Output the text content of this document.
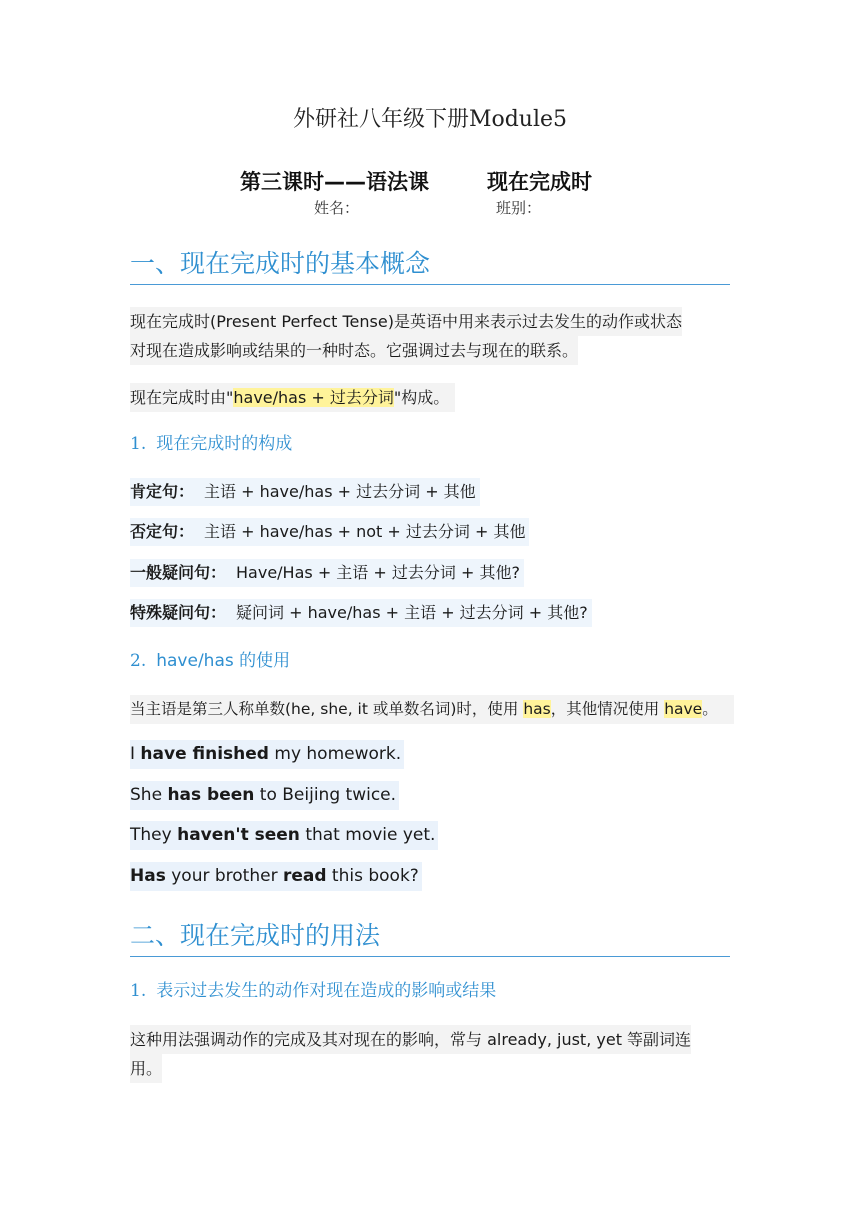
外研社八年级下册Module5
第三课时——语法课	现在完成时
姓名：	班别：
一、现在完成时的基本概念
现在完成时(Present Perfect Tense)是英语中用来表示过去发生的动作或状态
对现在造成影响或结果的一种时态。它强调过去与现在的联系。
现在完成时由"have/has + 过去分词"构成。
1. 现在完成时的构成
肯定句： 主语 + have/has + 过去分词 + 其他
否定句： 主语 + have/has + not + 过去分词 + 其他
一般疑问句： Have/Has + 主语 + 过去分词 + 其他?
特殊疑问句： 疑问词 + have/has + 主语 + 过去分词 + 其他?
2. have/has 的使用
当主语是第三人称单数(he, she, it 或单数名词)时，使用 has，其他情况使用 have。
I have finished my homework.
She has been to Beijing twice.
They haven't seen that movie yet.
Has your brother read this book?
二、现在完成时的用法
1. 表示过去发生的动作对现在造成的影响或结果
这种用法强调动作的完成及其对现在的影响，常与 already, just, yet 等副词连
用。
